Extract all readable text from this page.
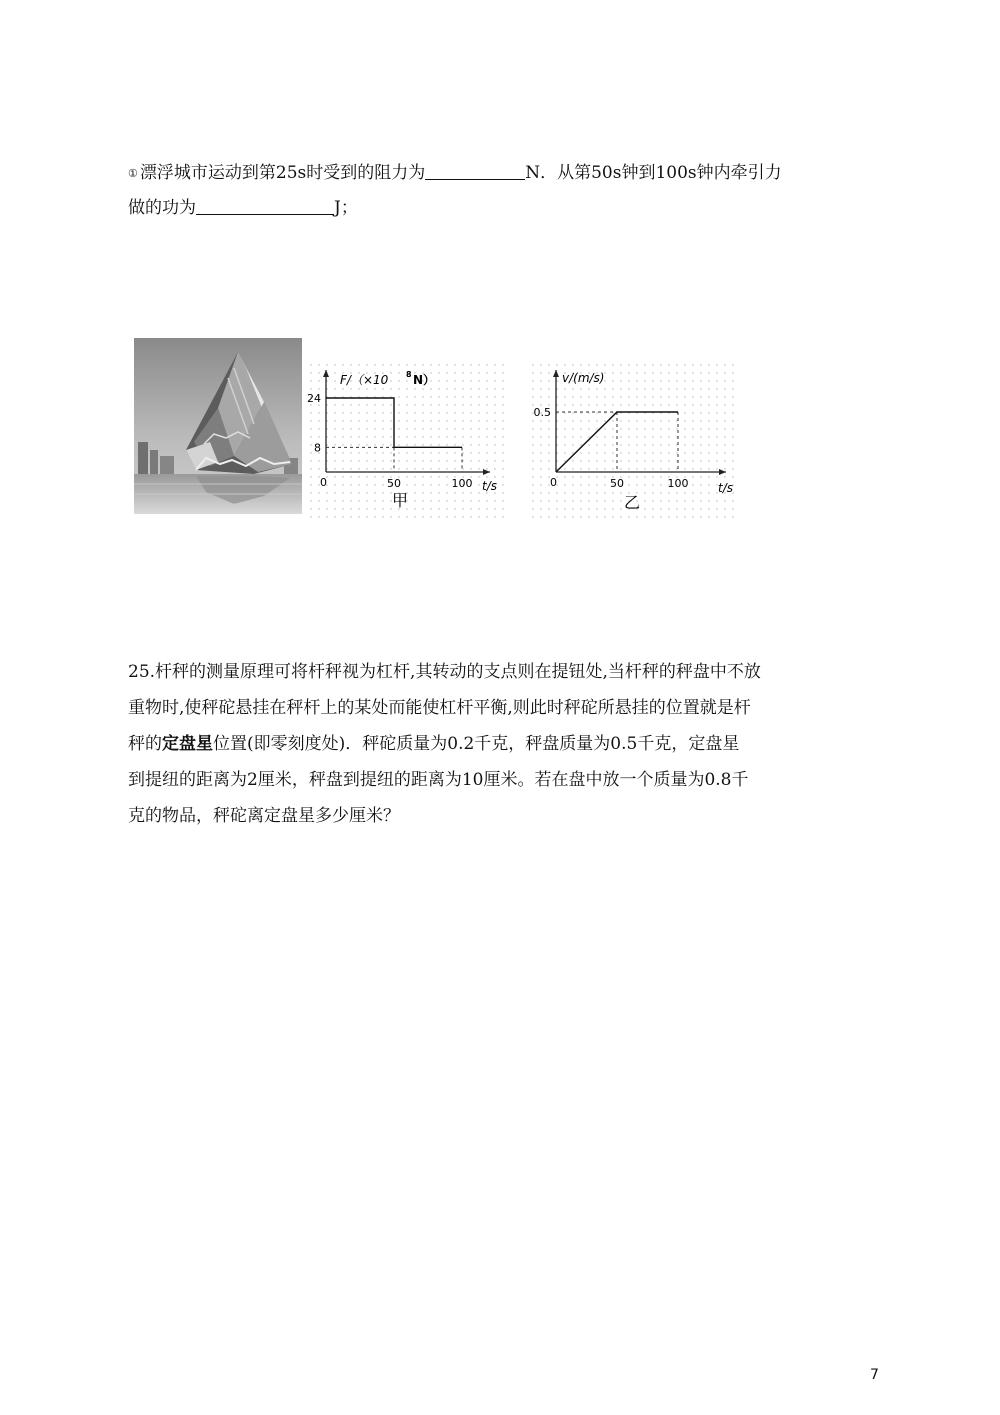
① 漂浮城市运动到第25s时受到的阻力为	N．从第50s钟到100s钟内牵引力
做的功为	J；
F/（×10 8 N）
t/s
0
甲
50	100
24
8
v/(m/s)
t/s
0
乙
50	100
0.5
25.杆秤的测量原理可将杆秤视为杠杆,其转动的支点则在提钮处,当杆秤的秤盘中不放
重物时,使秤砣悬挂在秤杆上的某处而能使杠杆平衡,则此时秤砣所悬挂的位置就是杆
秤的定盘星位置(即零刻度处)．秤砣质量为0.2千克，秤盘质量为0.5千克，定盘星
到提纽的距离为2厘米，秤盘到提纽的距离为10厘米。若在盘中放一个质量为0.8千
克的物品，秤砣离定盘星多少厘米？
7
